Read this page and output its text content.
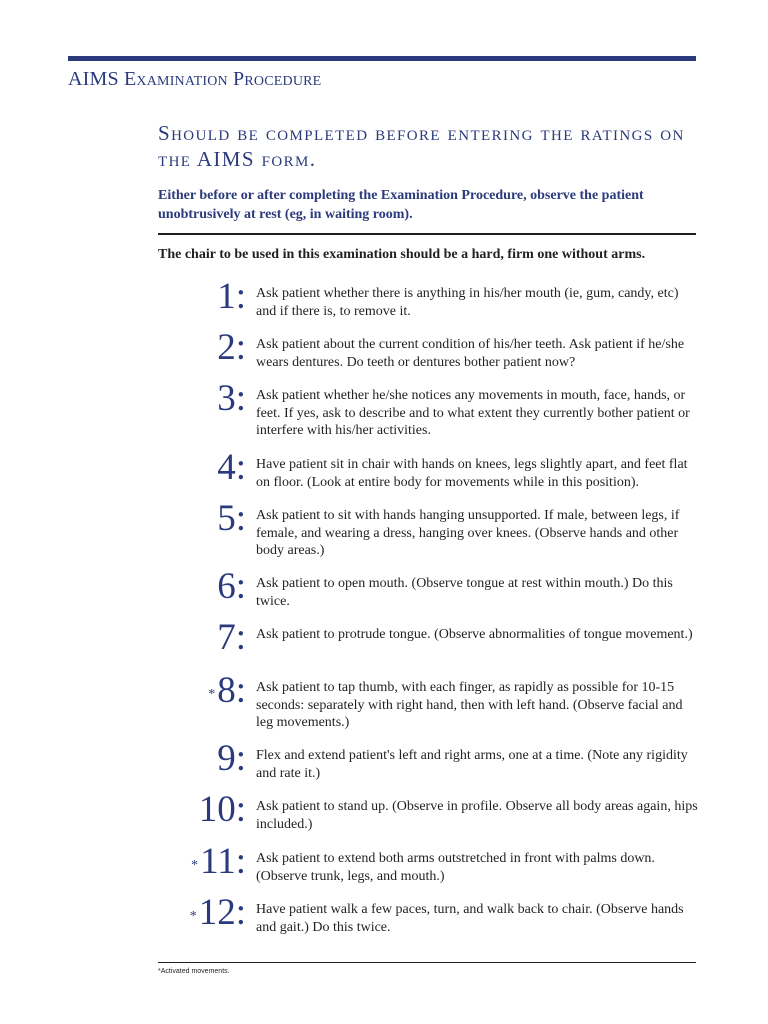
AIMS Examination Procedure
Should be completed before entering the ratings on the AIMS form.

Either before or after completing the Examination Procedure, observe the patient unobtrusively at rest (eg, in waiting room).

The chair to be used in this examination should be a hard, firm one without arms.

1: Ask patient whether there is anything in his/her mouth (ie, gum, candy, etc) and if there is, to remove it.

2: Ask patient about the current condition of his/her teeth. Ask patient if he/she wears dentures. Do teeth or dentures bother patient now?

3: Ask patient whether he/she notices any movements in mouth, face, hands, or feet. If yes, ask to describe and to what extent they currently bother patient or interfere with his/her activities.

4: Have patient sit in chair with hands on knees, legs slightly apart, and feet flat on floor. (Look at entire body for movements while in this position).

5: Ask patient to sit with hands hanging unsupported. If male, between legs, if female, and wearing a dress, hanging over knees. (Observe hands and other body areas.)

6: Ask patient to open mouth. (Observe tongue at rest within mouth.) Do this twice.

7: Ask patient to protrude tongue. (Observe abnormalities of tongue movement.)

*8: Ask patient to tap thumb, with each finger, as rapidly as possible for 10-15 seconds: separately with right hand, then with left hand. (Observe facial and leg movements.)

9: Flex and extend patient's left and right arms, one at a time. (Note any rigidity and rate it.)

10: Ask patient to stand up. (Observe in profile. Observe all body areas again, hips included.)

*11: Ask patient to extend both arms outstretched in front with palms down. (Observe trunk, legs, and mouth.)

*12: Have patient walk a few paces, turn, and walk back to chair. (Observe hands and gait.) Do this twice.

*Activated movements.
